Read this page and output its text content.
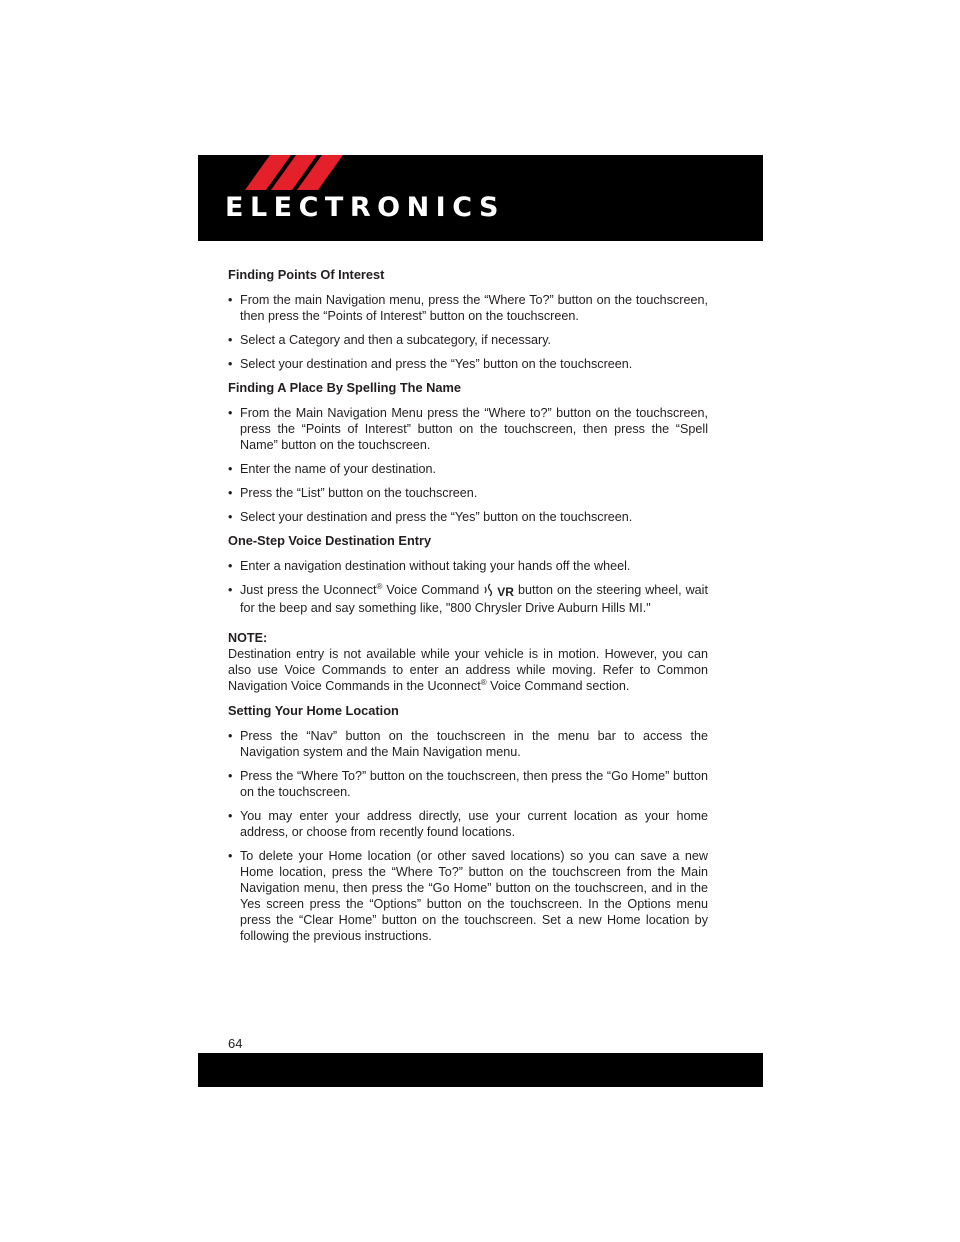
ELECTRONICS
Finding Points Of Interest
• From the main Navigation menu, press the “Where To?” button on the touchscreen, then press the “Points of Interest” button on the touchscreen.
• Select a Category and then a subcategory, if necessary.
• Select your destination and press the “Yes” button on the touchscreen.
Finding A Place By Spelling The Name
• From the Main Navigation Menu press the “Where to?” button on the touchscreen, press the “Points of Interest” button on the touchscreen, then press the “Spell Name” button on the touchscreen.
• Enter the name of your destination.
• Press the “List” button on the touchscreen.
• Select your destination and press the “Yes” button on the touchscreen.
One-Step Voice Destination Entry
• Enter a navigation destination without taking your hands off the wheel.
• Just press the Uconnect® Voice Command VR button on the steering wheel, wait for the beep and say something like, "800 Chrysler Drive Auburn Hills MI."
NOTE:
Destination entry is not available while your vehicle is in motion. However, you can also use Voice Commands to enter an address while moving. Refer to Common Navigation Voice Commands in the Uconnect® Voice Command section.
Setting Your Home Location
• Press the “Nav” button on the touchscreen in the menu bar to access the Navigation system and the Main Navigation menu.
• Press the “Where To?” button on the touchscreen, then press the “Go Home” button on the touchscreen.
• You may enter your address directly, use your current location as your home address, or choose from recently found locations.
• To delete your Home location (or other saved locations) so you can save a new Home location, press the “Where To?” button on the touchscreen from the Main Navigation menu, then press the “Go Home” button on the touchscreen, and in the Yes screen press the “Options” button on the touchscreen. In the Options menu press the “Clear Home” button on the touchscreen. Set a new Home location by following the previous instructions.
64
